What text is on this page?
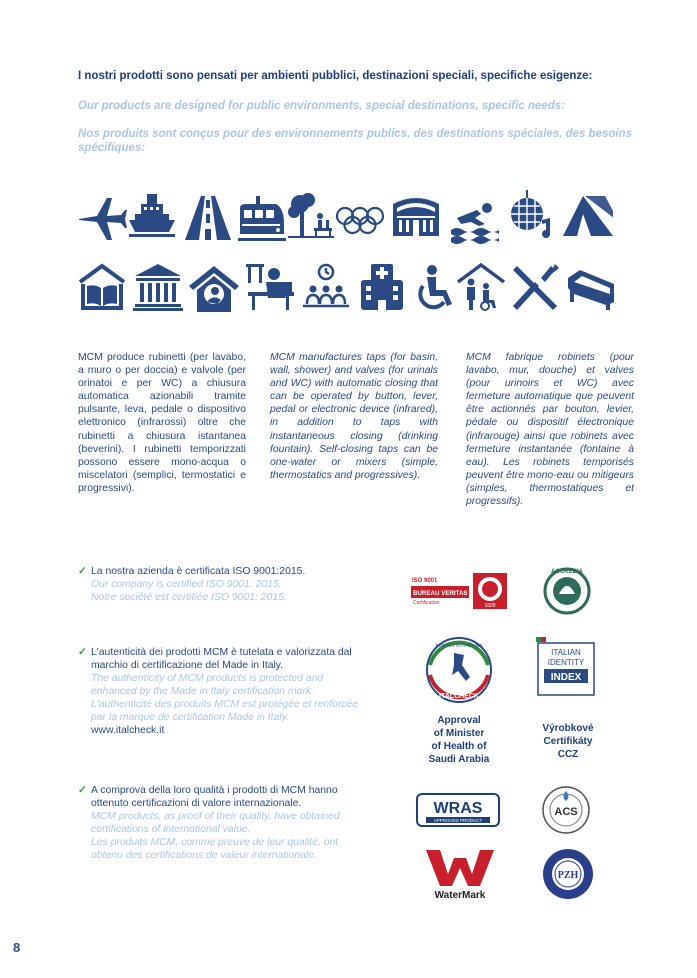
I nostri prodotti sono pensati per ambienti pubblici, destinazioni speciali, specifiche esigenze:
Our products are designed for public environments, special destinations, specific needs:
Nos produits sont conçus pour des environnements publics, des destinations spéciales, des besoins spécifiques:
MCM produce rubinetti (per lavabo, a muro o per doccia) e valvole (per orinatoi e per WC) a chiusura automatica azionabili tramite pulsante, leva, pedale o dispositivo elettronico (infrarossi) oltre che rubinetti a chiusura istantanea (beverini). I rubinetti temporizzati possono essere mono-acqua o miscelatori (semplici, termostatici e progressivi).
MCM manufactures taps (for basin, wall, shower) and valves (for urinals and WC) with automatic closing that can be operated by button, lever, pedal or electronic device (infrared), in addition to taps with instantaneous closing (drinking fountain). Self-closing taps can be one-water or mixers (simple, thermostatics and progressives).
MCM fabrique robinets (pour lavabo, mur, douche) et valves (pour urinoirs et WC) avec fermeture automatique que peuvent être actionnés par bouton, levier, pédale ou dispositif électronique (infrarouge) ainsi que robinets avec fermeture instantanée (fontaine à eau). Les robinets temporisés peuvent être mono-eau ou mitigeurs (simples, thermostatiques et progressifs).
✓ La nostra azienda è certificata ISO 9001:2015.
Our company is certified ISO 9001: 2015.
Notre société est certifiée ISO 9001: 2015.
✓ L'autenticità dei prodotti MCM è tutelata e valorizzata dal marchio di certificazione del Made in Italy.
The authenticity of MCM products is protected and enhanced by the Made in Italy certification mark.
L'authenticité des produits MCM est protégée et renforcée par la marque de certification Made in Italy.
www.italcheck.it
✓ A comprova della loro qualità i prodotti di MCM hanno ottenuto certificazioni di valore internazionale.
MCM products, as proof of their quality, have obtained certifications of international value.
Les produits MCM, comme preuve de leur qualité, ont obtenu des certifications de valeur internationale.
ISO 9001
BUREAU VERITAS
Certification	1828
ACCREDIA
PRODOTTO ITALIANO
ITALCHECK
ITALIAN
IDENTITY
INDEX
Approval
of Minister
of Health of
Saudi Arabia
Výrobkové
Certifikáty
CCZ
WRAS
APPROVED PRODUCT
ACS
WaterMark
PZH
8
